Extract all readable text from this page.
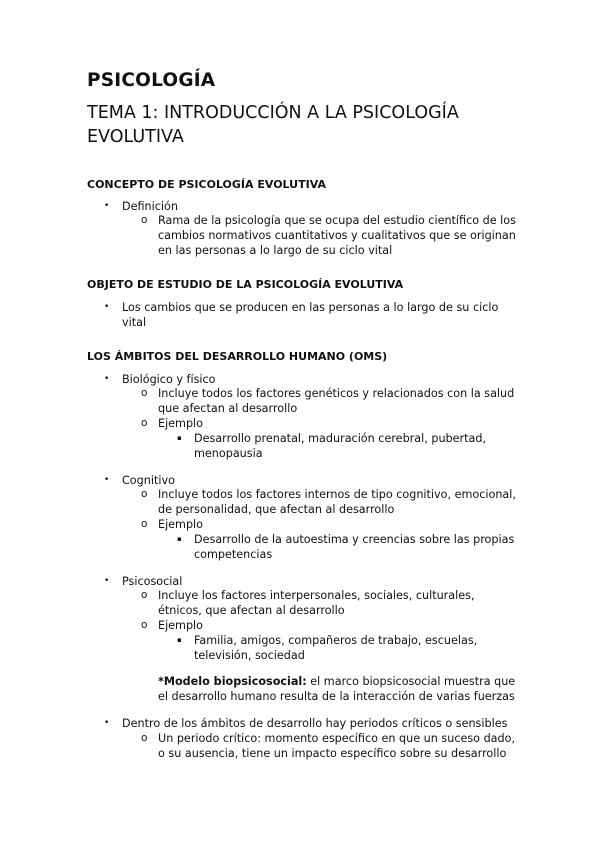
PSICOLOGÍA
TEMA 1: INTRODUCCIÓN A LA PSICOLOGÍA EVOLUTIVA
CONCEPTO DE PSICOLOGÍA EVOLUTIVA
• Definición
o Rama de la psicología que se ocupa del estudio científico de los
cambios normativos cuantitativos y cualitativos que se originan
en las personas a lo largo de su ciclo vital
OBJETO DE ESTUDIO DE LA PSICOLOGÍA EVOLUTIVA
• Los cambios que se producen en las personas a lo largo de su ciclo
vital
LOS ÁMBITOS DEL DESARROLLO HUMANO (OMS)
• Biológico y físico
o Incluye todos los factores genéticos y relacionados con la salud
que afectan al desarrollo
o Ejemplo
▪ Desarrollo prenatal, maduración cerebral, pubertad,
menopausia
• Cognitivo
o Incluye todos los factores internos de tipo cognitivo, emocional,
de personalidad, que afectan al desarrollo
o Ejemplo
▪ Desarrollo de la autoestima y creencias sobre las propias
competencias
• Psicosocial
o Incluye los factores interpersonales, sociales, culturales,
étnicos, que afectan al desarrollo
o Ejemplo
▪ Familia, amigos, compañeros de trabajo, escuelas,
televisión, sociedad
*Modelo biopsicosocial: el marco biopsicosocial muestra que
el desarrollo humano resulta de la interacción de varias fuerzas
• Dentro de los ámbitos de desarrollo hay periodos críticos o sensibles
o Un periodo crítico: momento específico en que un suceso dado,
o su ausencia, tiene un impacto específico sobre su desarrollo
